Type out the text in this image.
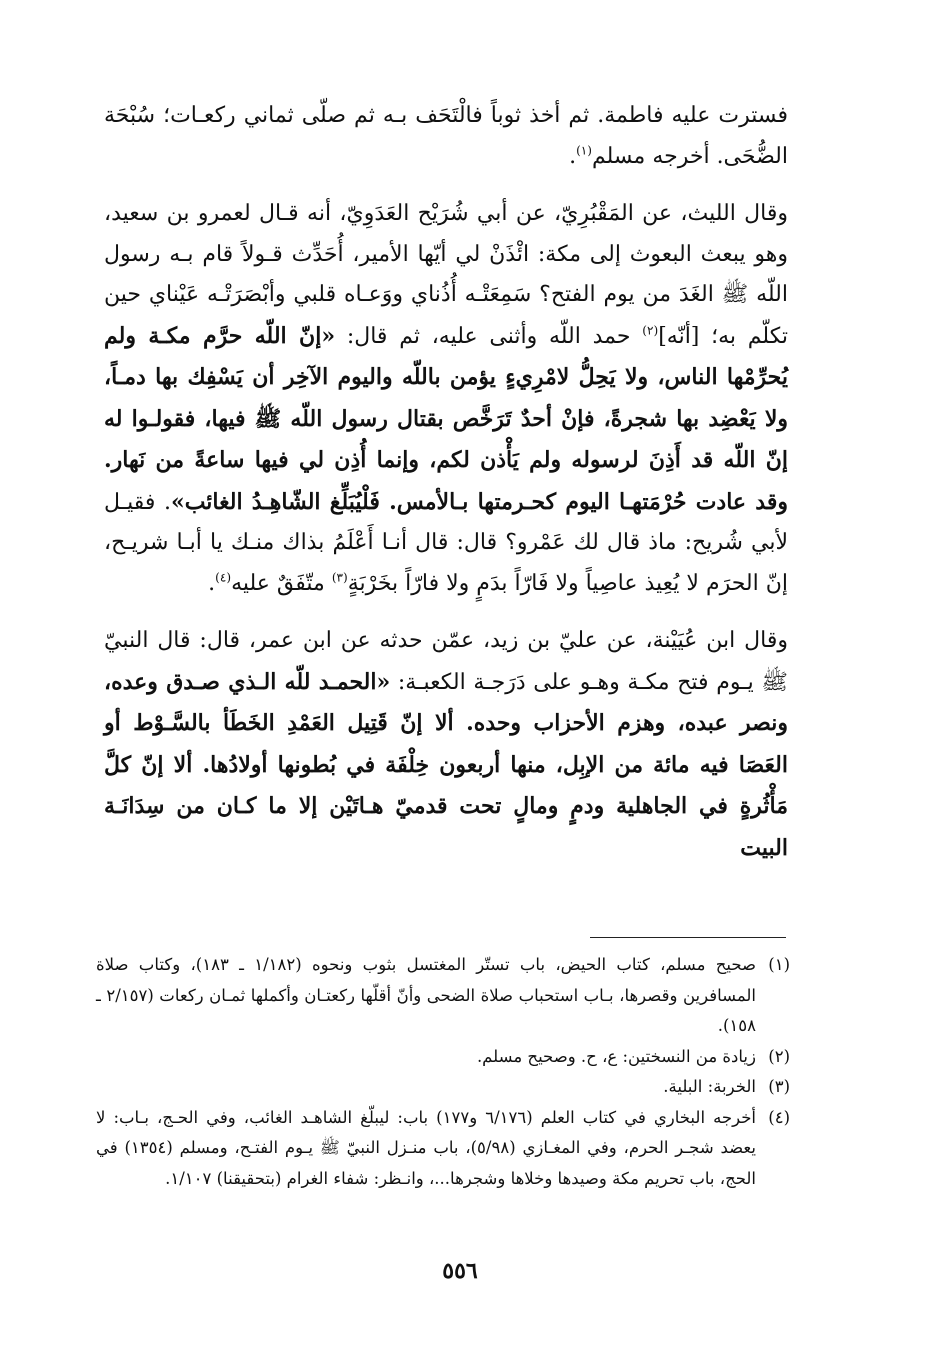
فسترت عليه فاطمة. ثم أخذ ثوباً فالْتَحَف بـه ثم صلّى ثماني ركعـات؛ سُبْحَة الضُّحَى. أخرجه مسلم$^{(١)}$.

وقال الليث، عن المَقْبُرِيّ، عن أبي شُرَيْح العَدَوِيّ، أنه قـال لعمرو بن سعيد، وهو يبعث البعوث إلى مكة: ائْذَنْ لي أيّها الأمير، أُحَدِّث قـولاً قام بـه رسول اللّه ﷺ الغَدَ من يوم الفتح؟ سَمِعَتْـه أُذُناي ووَعـاه قلبي وأبْصَرَتْـه عَيْناي حين تكلّم به؛ [أنّه]$^{(٢)}$ حمد اللّه وأثنى عليه، ثم قال: «إنّ اللّه حرَّم مكـة ولم يُحرِّمْها الناس، ولا يَحِلُّ لامْرِيءٍ يؤمن باللّه واليوم الآخِر أن يَسْفِك بها دمـاً، ولا يَعْضِد بها شجرةً، فإنْ أحدٌ تَرَخَّص بقتال رسول اللّه ﷺ فيها، فقولـوا له إنّ اللّه قد أَذِنَ لرسوله ولم يَأْذن لكم، وإنما أُذِن لي فيها ساعةً من نَهار. وقد عادت حُرْمَتهـا اليوم كحـرمتها بـالأمس. فَلْيُبَلِّغ الشّاهِـدُ الغائب». فقيـل لأبي شُريح: ماذ قال لك عَمْرو؟ قال: قال أنـا أَعْلَمُ بذاك منـك يا أبـا شريـح، إنّ الحرَم لا يُعِيذ عاصِياً ولا فَارّاً بدَمٍ ولا فارّاً بخَرْبَةٍ$^{(٣)}$ متّفَقٌ عليه$^{(٤)}$.

وقال ابن عُيَيْنة، عن عليّ بن زيد، عمّن حدثه عن ابن عمر، قال: قال النبيّ ﷺ يـوم فتح مكـة وهـو على دَرَجـة الكعبـة: «الحمـد للّه الـذي صـدق وعده، ونصر عبده، وهزم الأحزاب وحده. ألا إنّ قَتِيل العَمْدِ الخَطَأ بالسَّـوْط أو العَصَا فيه مائة من الإبِل، منها أربعون خِلْفَة في بُطونها أولادُها. ألا إنّ كلَّ مَأْثُرةٍ في الجاهلية ودمٍ ومالٍ تحت قدميّ هـاتَيْن إلا ما كـان من سِدَانَـة البيت

(١)
صحيح مسلم، كتاب الحيض، باب تستّر المغتسل بثوب ونحوه (١/١٨٢ ـ ١٨٣)، وكتاب صلاة المسافرين وقصرها، بـاب استحباب صلاة الضحى وأنّ أقلّها ركعتـان وأكملها ثمـان ركعات (٢/١٥٧ ـ ١٥٨).
(٢)
زيادة من النسختين: ع، ح. وصحيح مسلم.
(٣)
الخربة: البلية.
(٤)
أخرجه البخاري في كتاب العلم (٦/١٧٦ و١٧٧) باب: ليبلّغ الشاهـد الغائب، وفي الحـج، بـاب: لا يعضد شجـر الحرم، وفي المغـازي (٥/٩٨)، باب منـزل النبيّ ﷺ يـوم الفتـح، ومسلم (١٣٥٤) في الحج، باب تحريم مكة وصيدها وخلاها وشجرها...، وانـظر: شفاء الغرام (بتحقيقنا) ١/١٠٧.
٥٥٦
